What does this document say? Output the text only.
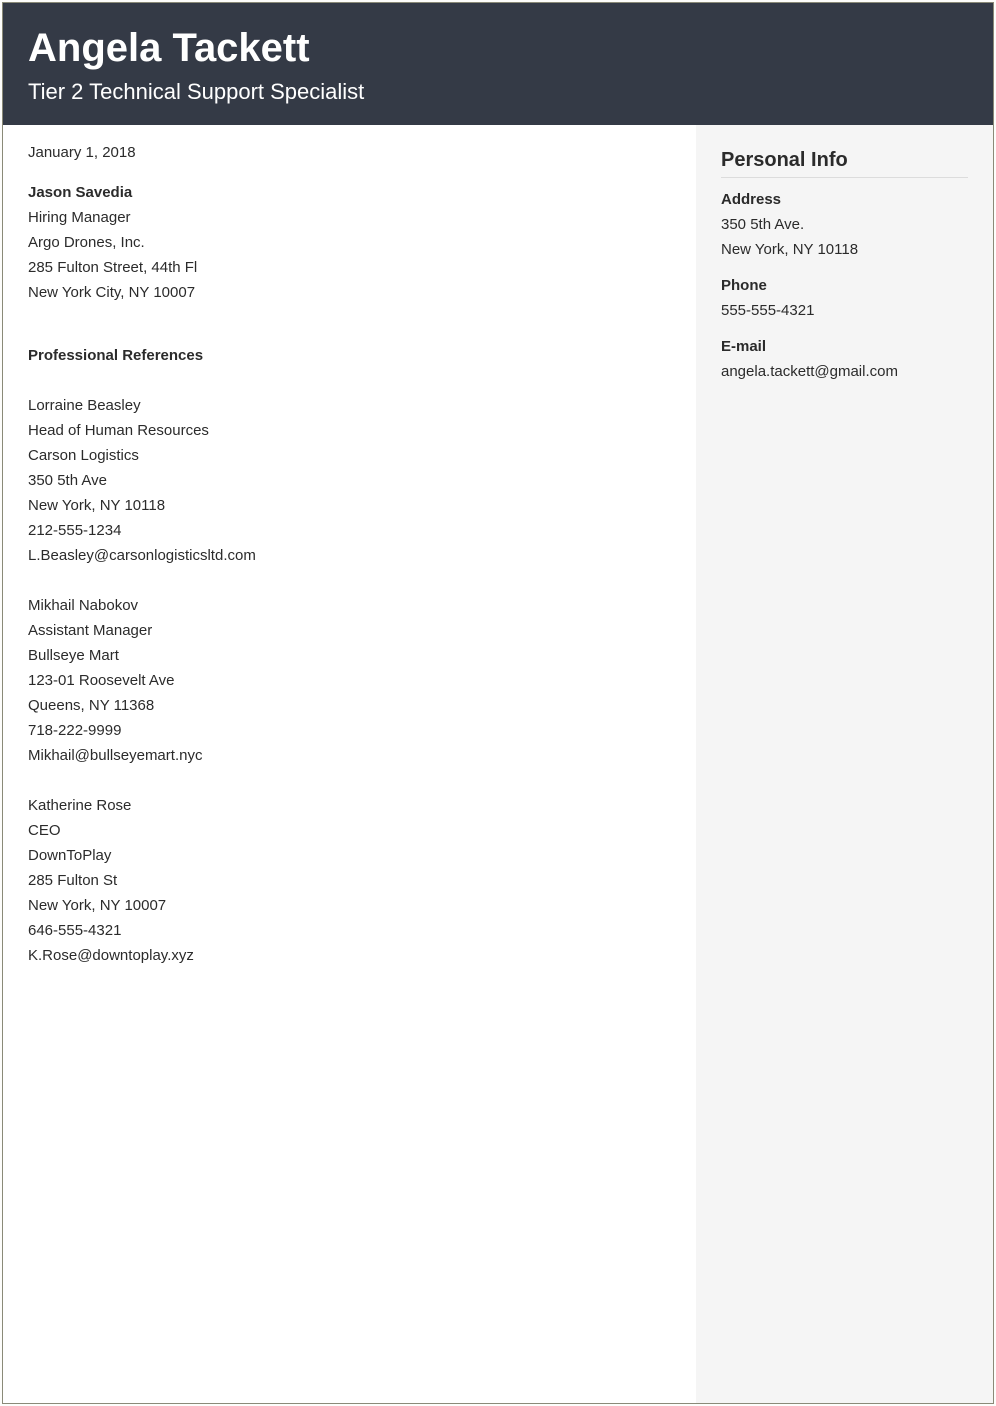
Angela Tackett
Tier 2 Technical Support Specialist
Personal Info
Address
350 5th Ave.
New York, NY 10118
Phone
555-555-4321
E-mail
angela.tackett@gmail.com
January 1, 2018
Jason Savedia
Hiring Manager
Argo Drones, Inc.
285 Fulton Street, 44th Fl
New York City, NY 10007
Professional References
Lorraine Beasley
Head of Human Resources
Carson Logistics
350 5th Ave
New York, NY 10118
212-555-1234
L.Beasley@carsonlogisticsltd.com
Mikhail Nabokov
Assistant Manager
Bullseye Mart
123-01 Roosevelt Ave
Queens, NY 11368
718-222-9999
Mikhail@bullseyemart.nyc
Katherine Rose
CEO
DownToPlay
285 Fulton St
New York, NY 10007
646-555-4321
K.Rose@downtoplay.xyz
